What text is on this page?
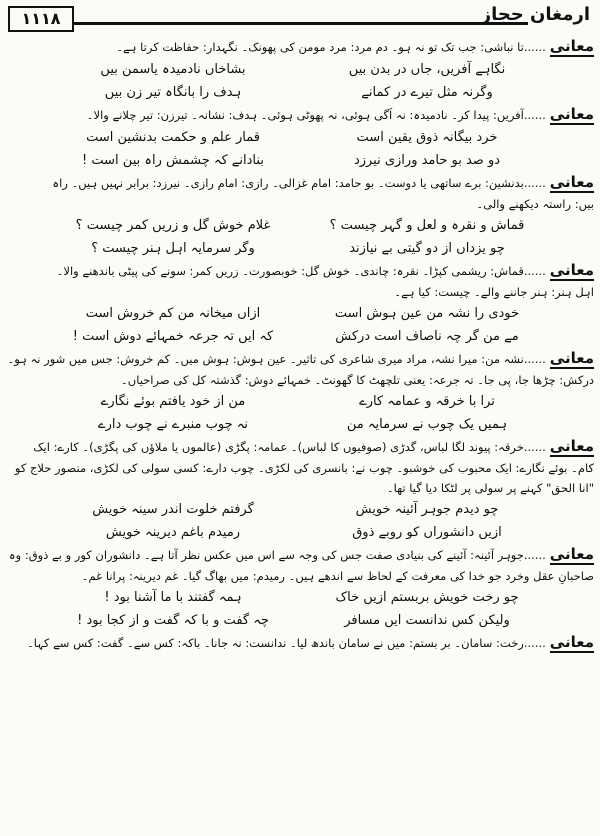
۱۱۱۸	ارمغان حجاز
معانی
......تا نباشی: جب تک تو نہ ہو۔ دم مرد: مرد مومن کی پھونک۔ نگہدار: حفاظت کرتا ہے۔
نگاہے آفریں، جاں در بدن بیں
بشاخاں نادمیدہ یاسمن بیں
وگرنہ مثل تیرے در کمانے
ہدف را بانگاہ تیر زن بیں
معانی
......آفریں: پیدا کر۔ نادمیدہ: نہ اُگی ہوئی، نہ پھوٹی ہوئی۔ ہدف: نشانہ۔ تیرزن: تیر چلانے والا۔
خرد بیگانہ ذوق یقین است
قمار علم و حکمت بدنشین است
دو صد بو حامد ورازی نیرزد
بنادانے کہ چشمش راہ بین است !
معانی
......بدنشین: برے ساتھی یا دوست۔ بو حامد: امام غزالی۔ رازی: امام رازی۔ نیرزد: برابر نہیں ہیں۔ راہ
بیں: راستہ دیکھنے والی۔
قماش و نقرہ و لعل و گہر چیست ؟
غلام خوش گل و زریں کمر چیست ؟
چو یزداں از دو گیتی بے نیازند
وگر سرمایہ اہل ہنر چیست ؟
معانی
......قماش: ریشمی کپڑا۔ نقرہ: چاندی۔ خوش گل: خوبصورت۔ زریں کمر: سونے کی پیٹی باندھنے والا۔
اہل ہنر: ہنر جاننے والے۔ چیست: کیا ہے۔
خودی را نشہ من عین ہوش است
ازاں میخانہ من کم خروش است
مے من گر چہ ناصاف است درکش
کہ ایں تہ جرعہ خمہائے دوش است !
معانی
......نشہ من: میرا نشہ، مراد میری شاعری کی تاثیر۔ عین ہوش: ہوش میں۔ کم خروش: جس میں شور نہ ہو۔
درکش: چڑھا جا، پی جا۔ تہ جرعہ: یعنی تلچھٹ کا گھونٹ۔ خمہائے دوش: گذشتہ کل کی صراحیاں۔
ترا با خرقہ و عمامہ کارے
من از خود یافتم بوئے نگارے
ہمیں یک چوب نے سرمایہ من
نہ چوب منبرے نے چوب دارے
معانی
......خرقہ: پیوند لگا لباس، گدڑی (صوفیوں کا لباس)۔ عمامہ: پگڑی (عالموں یا ملاؤں کی پگڑی)۔ کارے: ایک
کام۔ بوئے نگارے: ایک محبوب کی خوشبو۔ چوب نے: بانسری کی لکڑی۔ چوب دارے: کسی سولی کی لکڑی، منصور حلاج کو
"انا الحق" کہنے پر سولی پر لٹکا دیا گیا تھا۔
چو دیدم جوہر آئینہ خویش
گرفتم خلوت اندر سینہ خویش
ازیں دانشوراں کو روبے ذوق
رمیدم باغم دیرینہ خویش
معانی
......جوہر آئینہ: آئینے کی بنیادی صفت جس کی وجہ سے اس میں عکس نظر آتا ہے۔ دانشوران کور و بے ذوق: وہ
صاحبانِ عقل وخرد جو خدا کی معرفت کے لحاظ سے اندھے ہیں۔ رمیدم: میں بھاگ گیا۔ غم دیرینہ: پرانا غم۔
چو رخت خویش بربستم ازیں خاک
ہمہ گفتند با ما آشنا بود !
ولیکن کس ندانست ایں مسافر
چہ گفت و با کہ گفت و از کجا بود !
معانی
......رخت: سامان۔ بر بستم: میں نے سامان باندھ لیا۔ ندانست: نہ جانا۔ باکہ: کس سے۔ گفت: کس سے کہا۔
